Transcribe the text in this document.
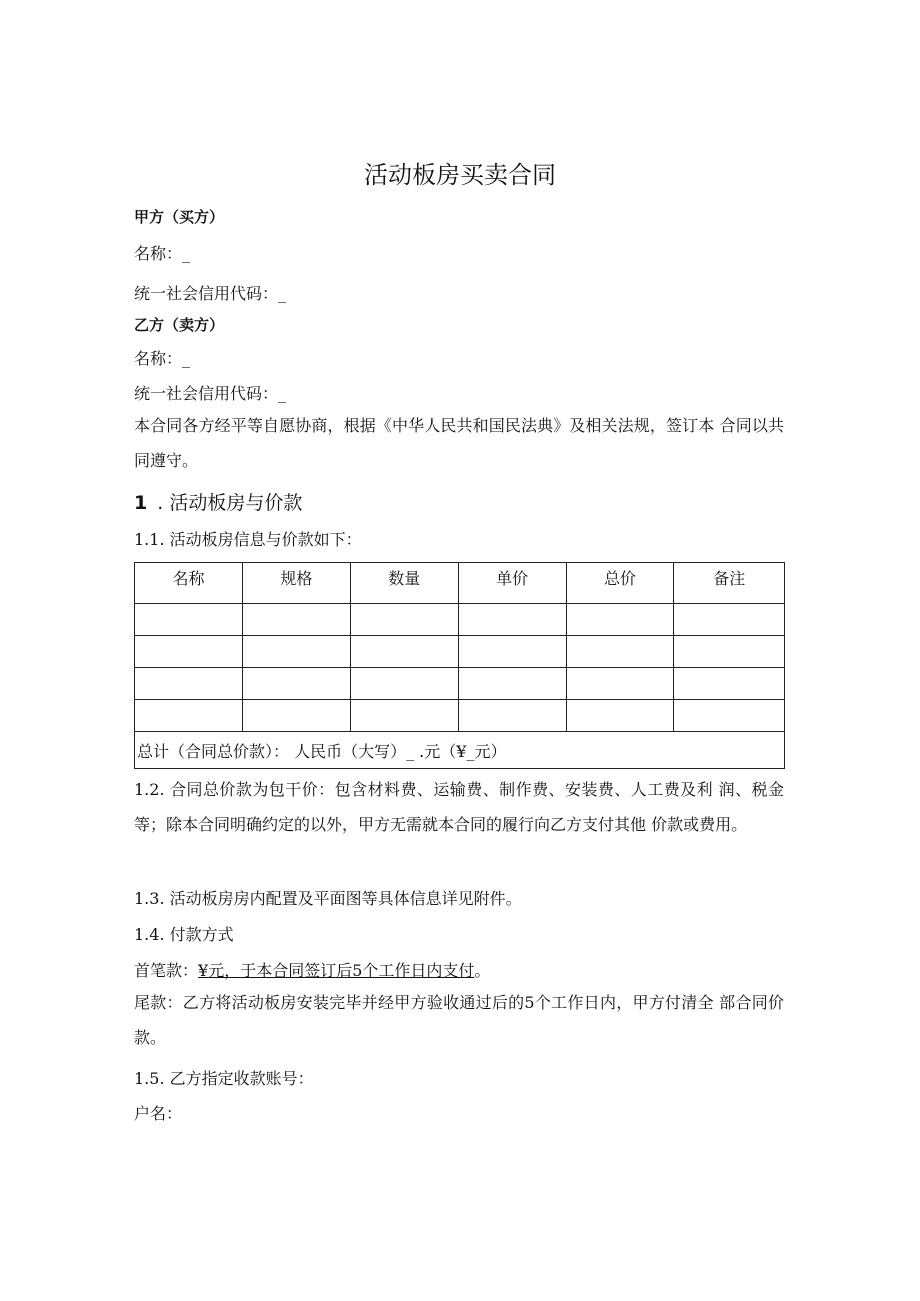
活动板房买卖合同
甲方（买方）
名称：_
统一社会信用代码：_
乙方（卖方）
名称：_
统一社会信用代码：_
本合同各方经平等自愿协商，根据《中华人民共和国民法典》及相关法规，签订本 合同以共同遵守。
1 . 活动板房与价款
1.1. 活动板房信息与价款如下：
名称	规格	数量	单价	总价	备注

总计（合同总价款）： 人民币（大写）_ .元（¥_元）					
1.2. 合同总价款为包干价：包含材料费、运输费、制作费、安装费、人工费及利 润、税金等；除本合同明确约定的以外，甲方无需就本合同的履行向乙方支付其他 价款或费用。
1.3. 活动板房房内配置及平面图等具体信息详见附件。
1.4. 付款方式
首笔款：¥元，于本合同签订后5个工作日内支付。
尾款：乙方将活动板房安装完毕并经甲方验收通过后的5个工作日内，甲方付清全 部合同价款。
1.5. 乙方指定收款账号：
户名：
